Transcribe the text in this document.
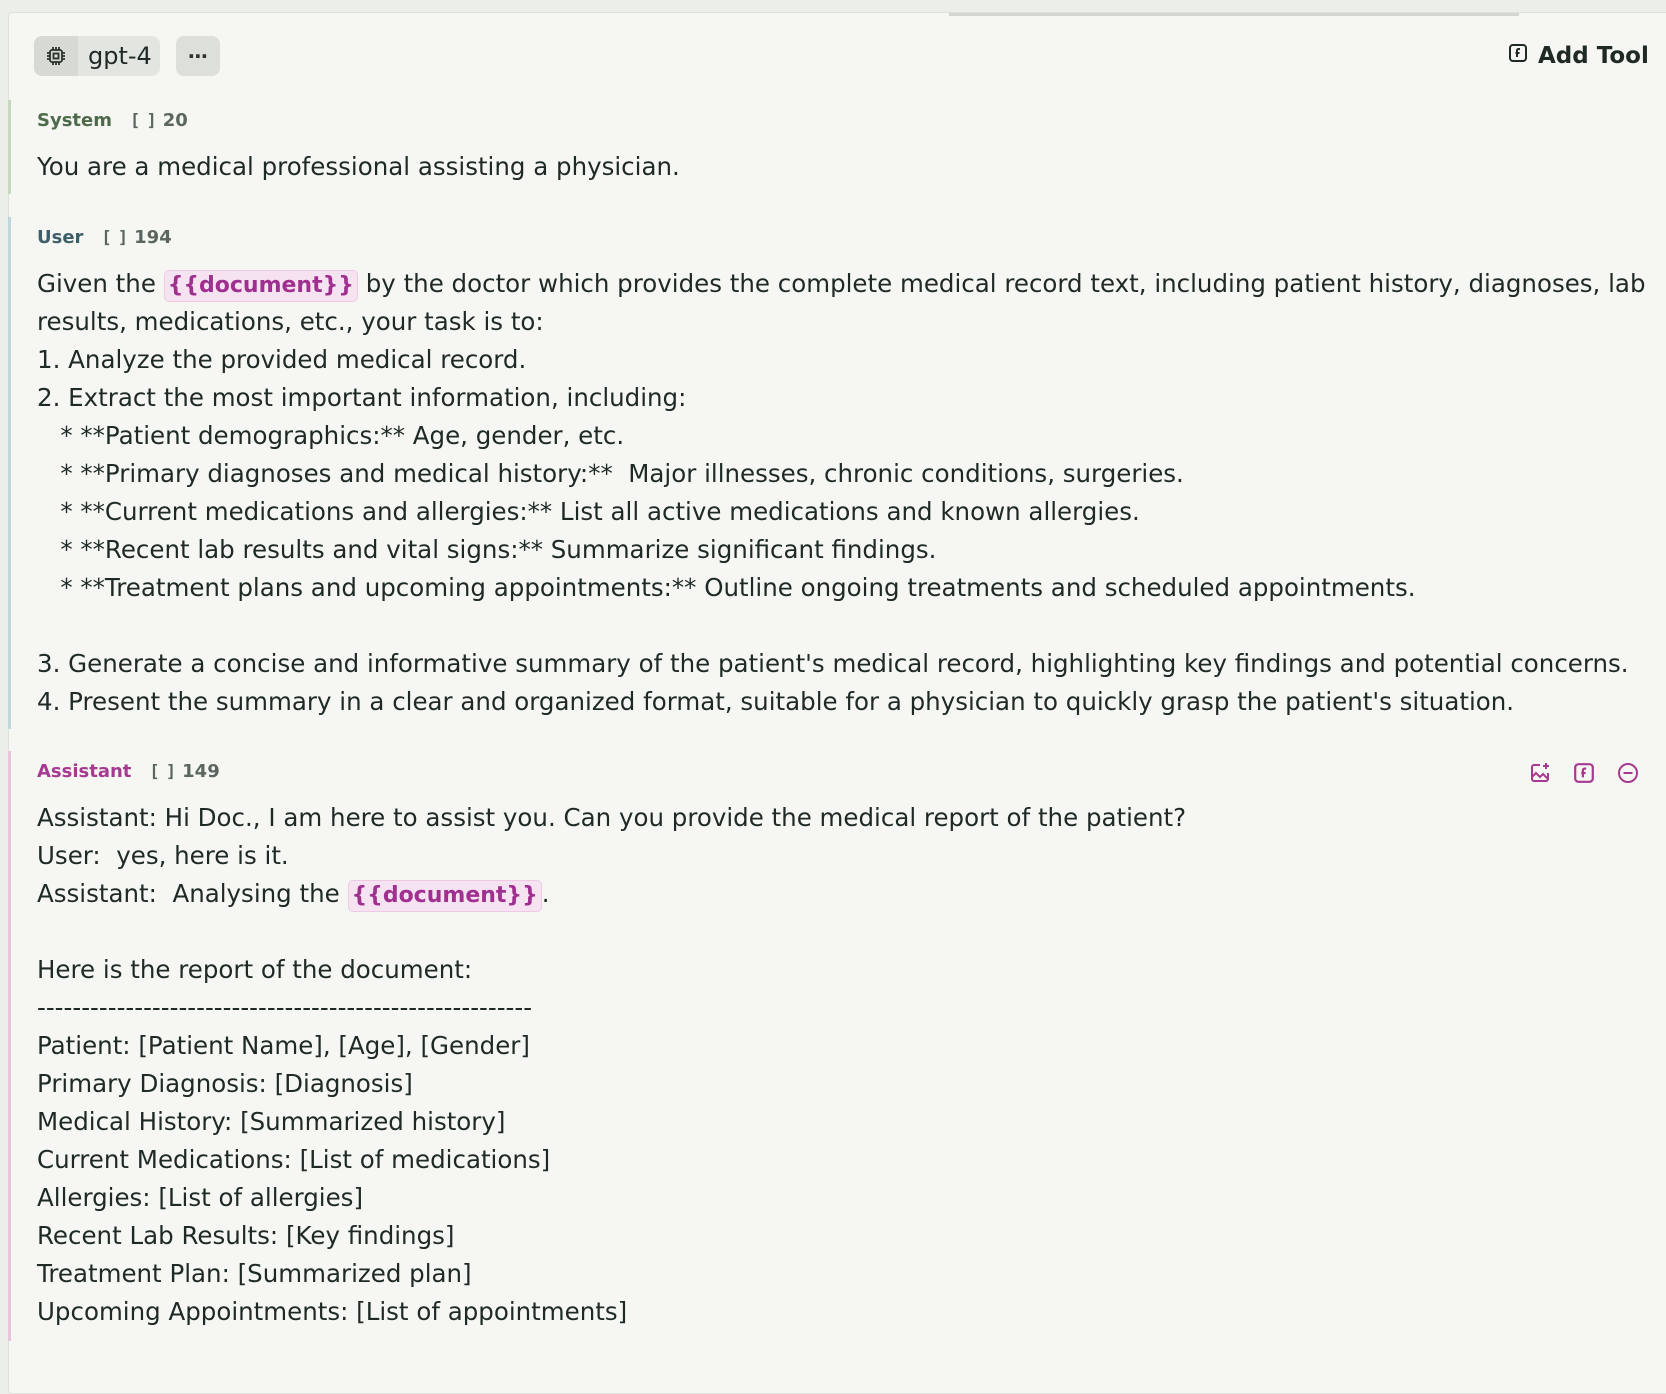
gpt-4 ⋯	Add Tool
System [ ] 20
You are a medical professional assisting a physician.
User [ ] 194
Given the {{document}} by the doctor which provides the complete medical record text, including patient history, diagnoses, lab
results, medications, etc., your task is to:
1. Analyze the provided medical record.
2. Extract the most important information, including:
* **Patient demographics:** Age, gender, etc.
* **Primary diagnoses and medical history:**  Major illnesses, chronic conditions, surgeries.
* **Current medications and allergies:** List all active medications and known allergies.
* **Recent lab results and vital signs:** Summarize significant findings.
* **Treatment plans and upcoming appointments:** Outline ongoing treatments and scheduled appointments.
3. Generate a concise and informative summary of the patient's medical record, highlighting key findings and potential concerns.
4. Present the summary in a clear and organized format, suitable for a physician to quickly grasp the patient's situation.
Assistant [ ] 149
Assistant: Hi Doc., I am here to assist you. Can you provide the medical report of the patient?
User:  yes, here is it.
Assistant:  Analysing the {{document}} .
Here is the report of the document:
--------------------------------------------------------
Patient: [Patient Name], [Age], [Gender]
Primary Diagnosis: [Diagnosis]
Medical History: [Summarized history]
Current Medications: [List of medications]
Allergies: [List of allergies]
Recent Lab Results: [Key findings]
Treatment Plan: [Summarized plan]
Upcoming Appointments: [List of appointments]
